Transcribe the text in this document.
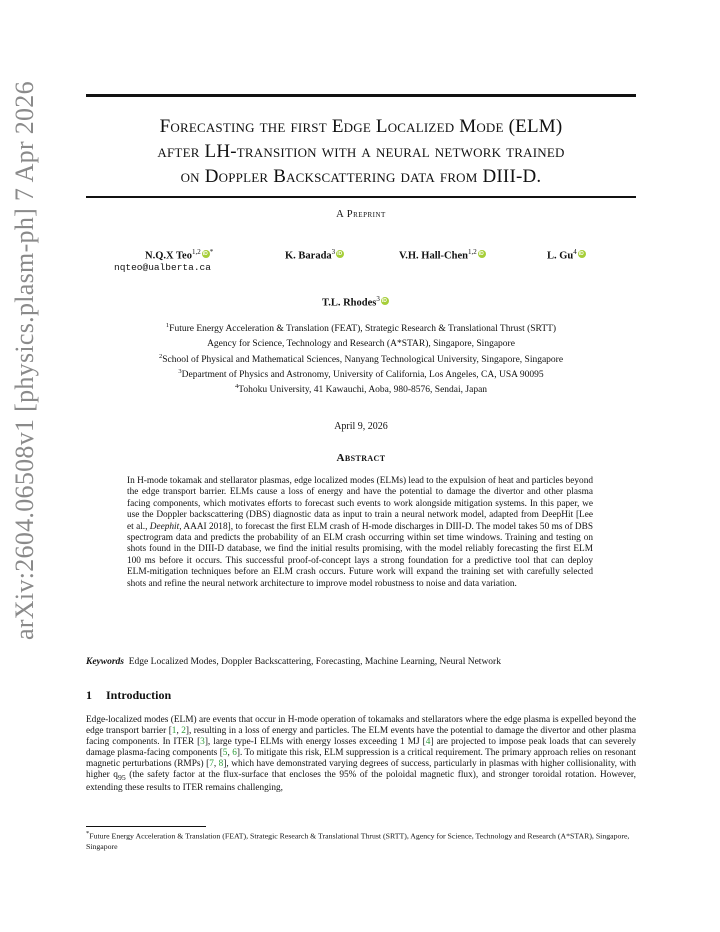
arXiv:2604.06508v1 [physics.plasm-ph] 7 Apr 2026	Forecasting the first Edge Localized Mode (ELM)
after LH-transition with a neural network trained
on Doppler Backscattering data from DIII-D.
A Preprint
N.Q.X Teo$^{1,2}$ iD *
nqteo@ualberta.ca
K. Barada$^3$ iD	V.H. Hall-Chen$^{1,2}$ iD	L. Gu$^4$iD
T.L. Rhodes$^3$iD
$^1$Future Energy Acceleration & Translation (FEAT), Strategic Research & Translational Thrust (SRTT)
Agency for Science, Technology and Research (A*STAR), Singapore, Singapore
$^2$School of Physical and Mathematical Sciences, Nanyang Technological University, Singapore, Singapore
$^3$Department of Physics and Astronomy, University of California, Los Angeles, CA, USA 90095
$^4$Tohoku University, 41 Kawauchi, Aoba, 980-8576, Sendai, Japan
April 9, 2026
Abstract
In H-mode tokamak and stellarator plasmas, edge localized modes (ELMs) lead to the expulsion of heat and particles beyond the edge transport barrier. ELMs cause a loss of energy and have the potential to damage the divertor and other plasma facing components, which motivates efforts to forecast such events to work alongside mitigation systems. In this paper, we use the Doppler backscattering (DBS) diagnostic data as input to train a neural network model, adapted from DeepHit [Lee et al., Deephit, AAAI 2018], to forecast the first ELM crash of H-mode discharges in DIII-D. The model takes 50 ms of DBS spectrogram data and predicts the probability of an ELM crash occurring within set time windows. Training and testing on shots found in the DIII-D database, we find the initial results promising, with the model reliably forecasting the first ELM 100 ms before it occurs. This successful proof-of-concept lays a strong foundation for a predictive tool that can deploy ELM-mitigation techniques before an ELM crash occurs. Future work will expand the training set with carefully selected shots and refine the neural network architecture to improve model robustness to noise and data variation.
Keywords Edge Localized Modes, Doppler Backscattering, Forecasting, Machine Learning, Neural Network
1 Introduction
Edge-localized modes (ELM) are events that occur in H-mode operation of tokamaks and stellarators where the edge plasma is expelled beyond the edge transport barrier [1, 2], resulting in a loss of energy and particles. The ELM events have the potential to damage the divertor and other plasma facing components. In ITER [3], large type-I ELMs with energy losses exceeding 1 MJ [4] are projected to impose peak loads that can severely damage plasma-facing components [5, 6]. To mitigate this risk, ELM suppression is a critical requirement. The primary approach relies on resonant magnetic perturbations (RMPs) [7, 8], which have demonstrated varying degrees of success, particularly in plasmas with higher collisionality, with higher $q_{95}$ (the safety factor at the flux-surface that encloses the 95% of the poloidal magnetic flux), and stronger toroidal rotation. However, extending these results to ITER remains challenging,
*Future Energy Acceleration & Translation (FEAT), Strategic Research & Translational Thrust (SRTT), Agency for Science, Technology and Research (A*STAR), Singapore, Singapore
